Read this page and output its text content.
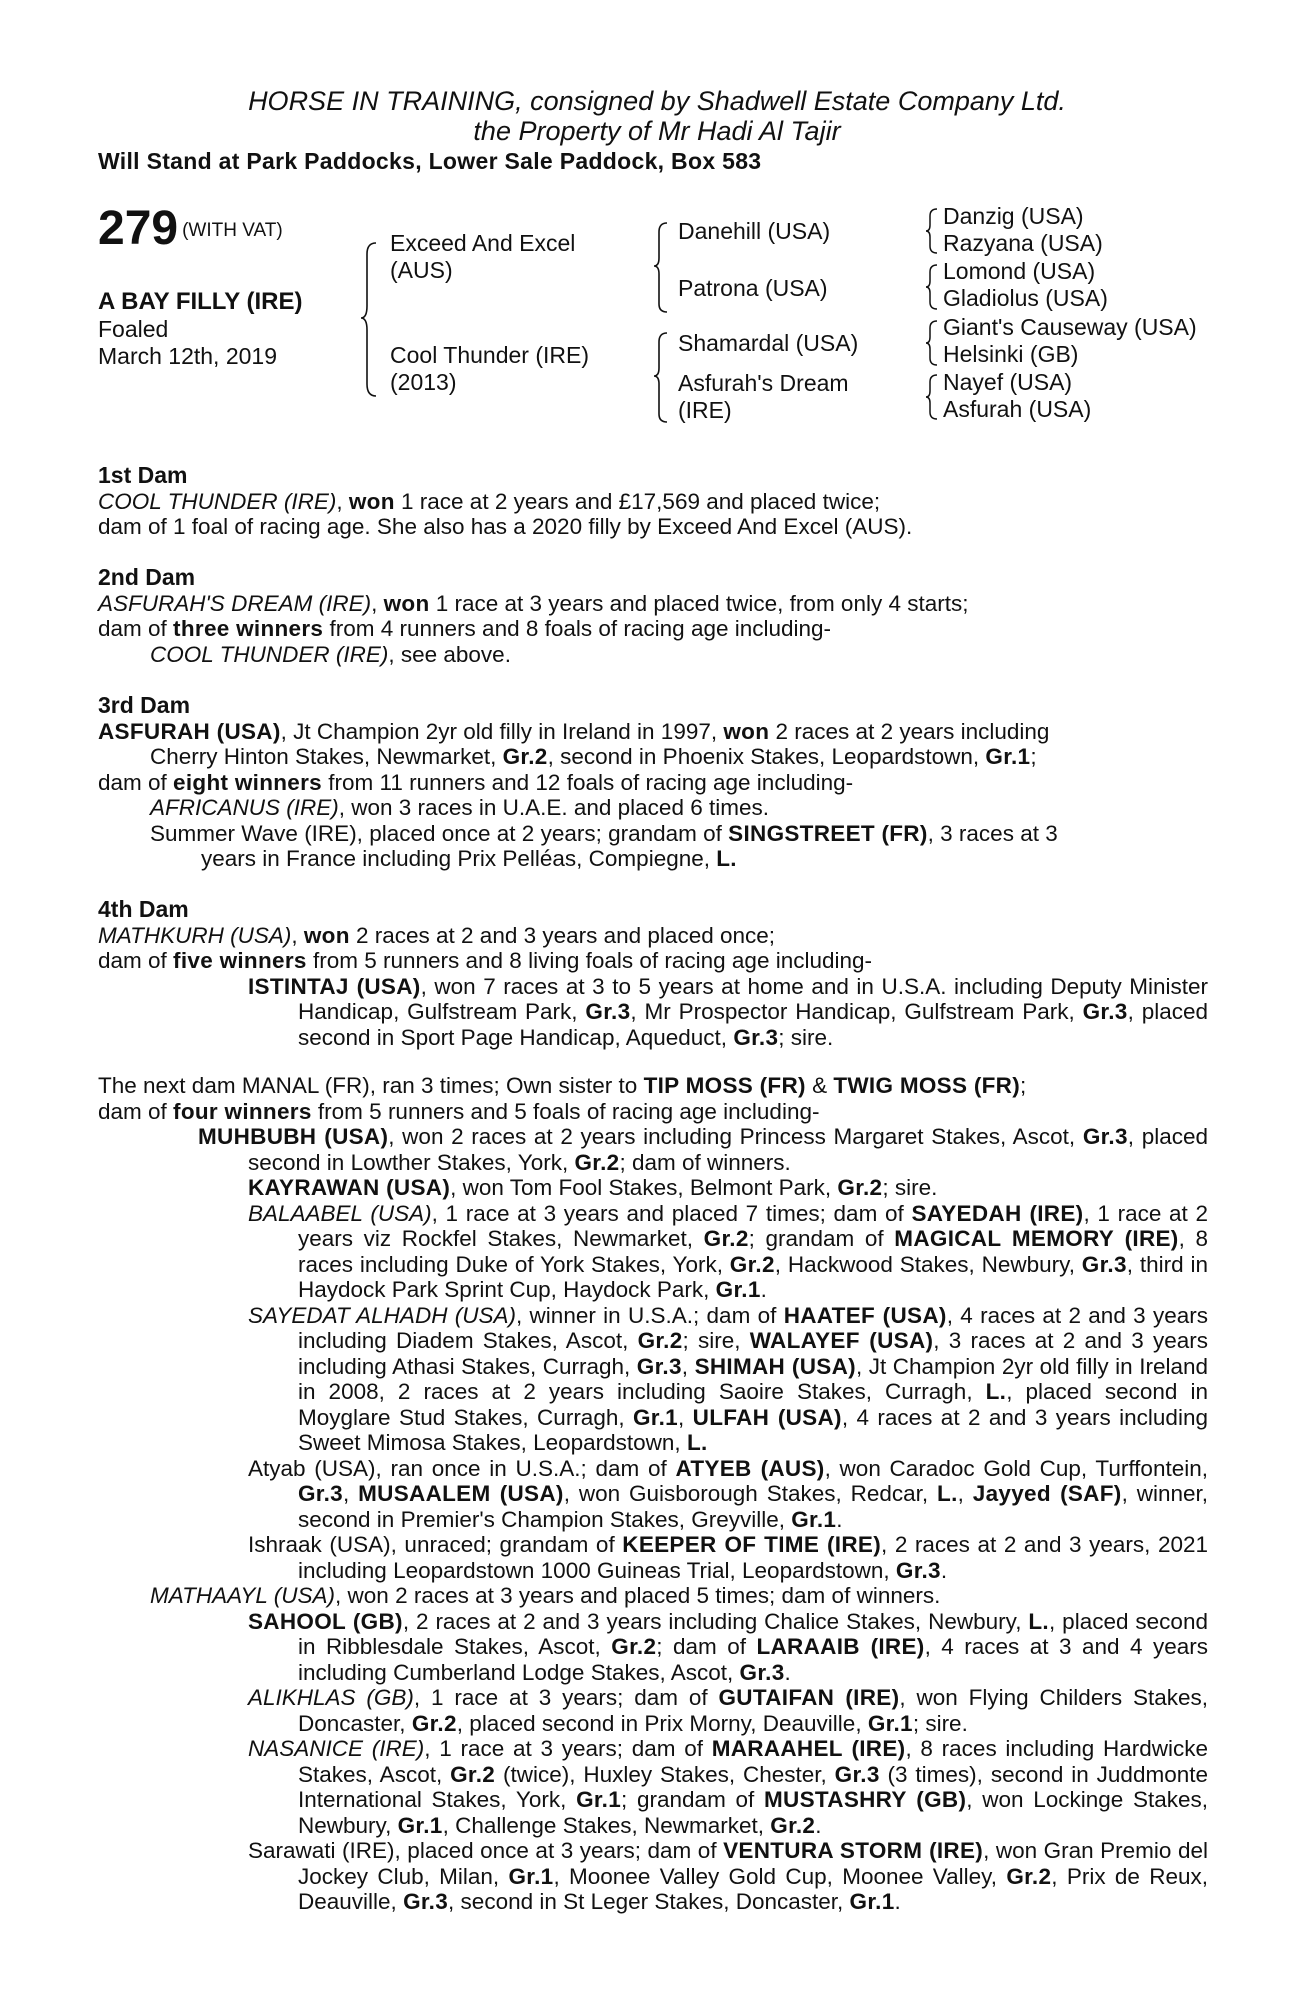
HORSE IN TRAINING, consigned by Shadwell Estate Company Ltd.
the Property of Mr Hadi Al Tajir
Will Stand at Park Paddocks, Lower Sale Paddock, Box 583
279 (WITH VAT)
A BAY FILLY (IRE)
Foaled
March 12th, 2019
Exceed And Excel
(AUS)
Cool Thunder (IRE)
(2013)
Danehill (USA)
Patrona (USA)
Shamardal (USA)
Asfurah's Dream
(IRE)
Danzig (USA)
Razyana (USA)
Lomond (USA)
Gladiolus (USA)
Giant's Causeway (USA)
Helsinki (GB)
Nayef (USA)
Asfurah (USA)

1st Dam

COOL THUNDER (IRE), won 1 race at 2 years and £17,569 and placed twice;

dam of 1 foal of racing age. She also has a 2020 filly by Exceed And Excel (AUS).

2nd Dam

ASFURAH'S DREAM (IRE), won 1 race at 3 years and placed twice, from only 4 starts;

dam of three winners from 4 runners and 8 foals of racing age including-

COOL THUNDER (IRE), see above.

3rd Dam

ASFURAH (USA), Jt Champion 2yr old filly in Ireland in 1997, won 2 races at 2 years including

Cherry Hinton Stakes, Newmarket, Gr.2, second in Phoenix Stakes, Leopardstown, Gr.1;

dam of eight winners from 11 runners and 12 foals of racing age including-

AFRICANUS (IRE), won 3 races in U.A.E. and placed 6 times.

Summer Wave (IRE), placed once at 2 years; grandam of SINGSTREET (FR), 3 races at 3

years in France including Prix Pelléas, Compiegne, L.

4th Dam

MATHKURH (USA), won 2 races at 2 and 3 years and placed once;

dam of five winners from 5 runners and 8 living foals of racing age including-

ISTINTAJ (USA), won 7 races at 3 to 5 years at home and in U.S.A. including Deputy Minister Handicap, Gulfstream Park, Gr.3, Mr Prospector Handicap, Gulfstream Park, Gr.3, placed second in Sport Page Handicap, Aqueduct, Gr.3; sire.

The next dam MANAL (FR), ran 3 times; Own sister to TIP MOSS (FR) & TWIG MOSS (FR);

dam of four winners from 5 runners and 5 foals of racing age including-

MUHBUBH (USA), won 2 races at 2 years including Princess Margaret Stakes, Ascot, Gr.3, placed second in Lowther Stakes, York, Gr.2; dam of winners.

KAYRAWAN (USA), won Tom Fool Stakes, Belmont Park, Gr.2; sire.

BALAABEL (USA), 1 race at 3 years and placed 7 times; dam of SAYEDAH (IRE), 1 race at 2 years viz Rockfel Stakes, Newmarket, Gr.2; grandam of MAGICAL MEMORY (IRE), 8 races including Duke of York Stakes, York, Gr.2, Hackwood Stakes, Newbury, Gr.3, third in Haydock Park Sprint Cup, Haydock Park, Gr.1.

SAYEDAT ALHADH (USA), winner in U.S.A.; dam of HAATEF (USA), 4 races at 2 and 3 years including Diadem Stakes, Ascot, Gr.2; sire, WALAYEF (USA), 3 races at 2 and 3 years including Athasi Stakes, Curragh, Gr.3, SHIMAH (USA), Jt Champion 2yr old filly in Ireland in 2008, 2 races at 2 years including Saoire Stakes, Curragh, L., placed second in Moyglare Stud Stakes, Curragh, Gr.1, ULFAH (USA), 4 races at 2 and 3 years including Sweet Mimosa Stakes, Leopardstown, L.

Atyab (USA), ran once in U.S.A.; dam of ATYEB (AUS), won Caradoc Gold Cup, Turffontein, Gr.3, MUSAALEM (USA), won Guisborough Stakes, Redcar, L., Jayyed (SAF), winner, second in Premier's Champion Stakes, Greyville, Gr.1.

Ishraak (USA), unraced; grandam of KEEPER OF TIME (IRE), 2 races at 2 and 3 years, 2021 including Leopardstown 1000 Guineas Trial, Leopardstown, Gr.3.

MATHAAYL (USA), won 2 races at 3 years and placed 5 times; dam of winners.

SAHOOL (GB), 2 races at 2 and 3 years including Chalice Stakes, Newbury, L., placed second in Ribblesdale Stakes, Ascot, Gr.2; dam of LARAAIB (IRE), 4 races at 3 and 4 years including Cumberland Lodge Stakes, Ascot, Gr.3.

ALIKHLAS (GB), 1 race at 3 years; dam of GUTAIFAN (IRE), won Flying Childers Stakes, Doncaster, Gr.2, placed second in Prix Morny, Deauville, Gr.1; sire.

NASANICE (IRE), 1 race at 3 years; dam of MARAAHEL (IRE), 8 races including Hardwicke Stakes, Ascot, Gr.2 (twice), Huxley Stakes, Chester, Gr.3 (3 times), second in Juddmonte International Stakes, York, Gr.1; grandam of MUSTASHRY (GB), won Lockinge Stakes, Newbury, Gr.1, Challenge Stakes, Newmarket, Gr.2.

Sarawati (IRE), placed once at 3 years; dam of VENTURA STORM (IRE), won Gran Premio del Jockey Club, Milan, Gr.1, Moonee Valley Gold Cup, Moonee Valley, Gr.2, Prix de Reux, Deauville, Gr.3, second in St Leger Stakes, Doncaster, Gr.1.
